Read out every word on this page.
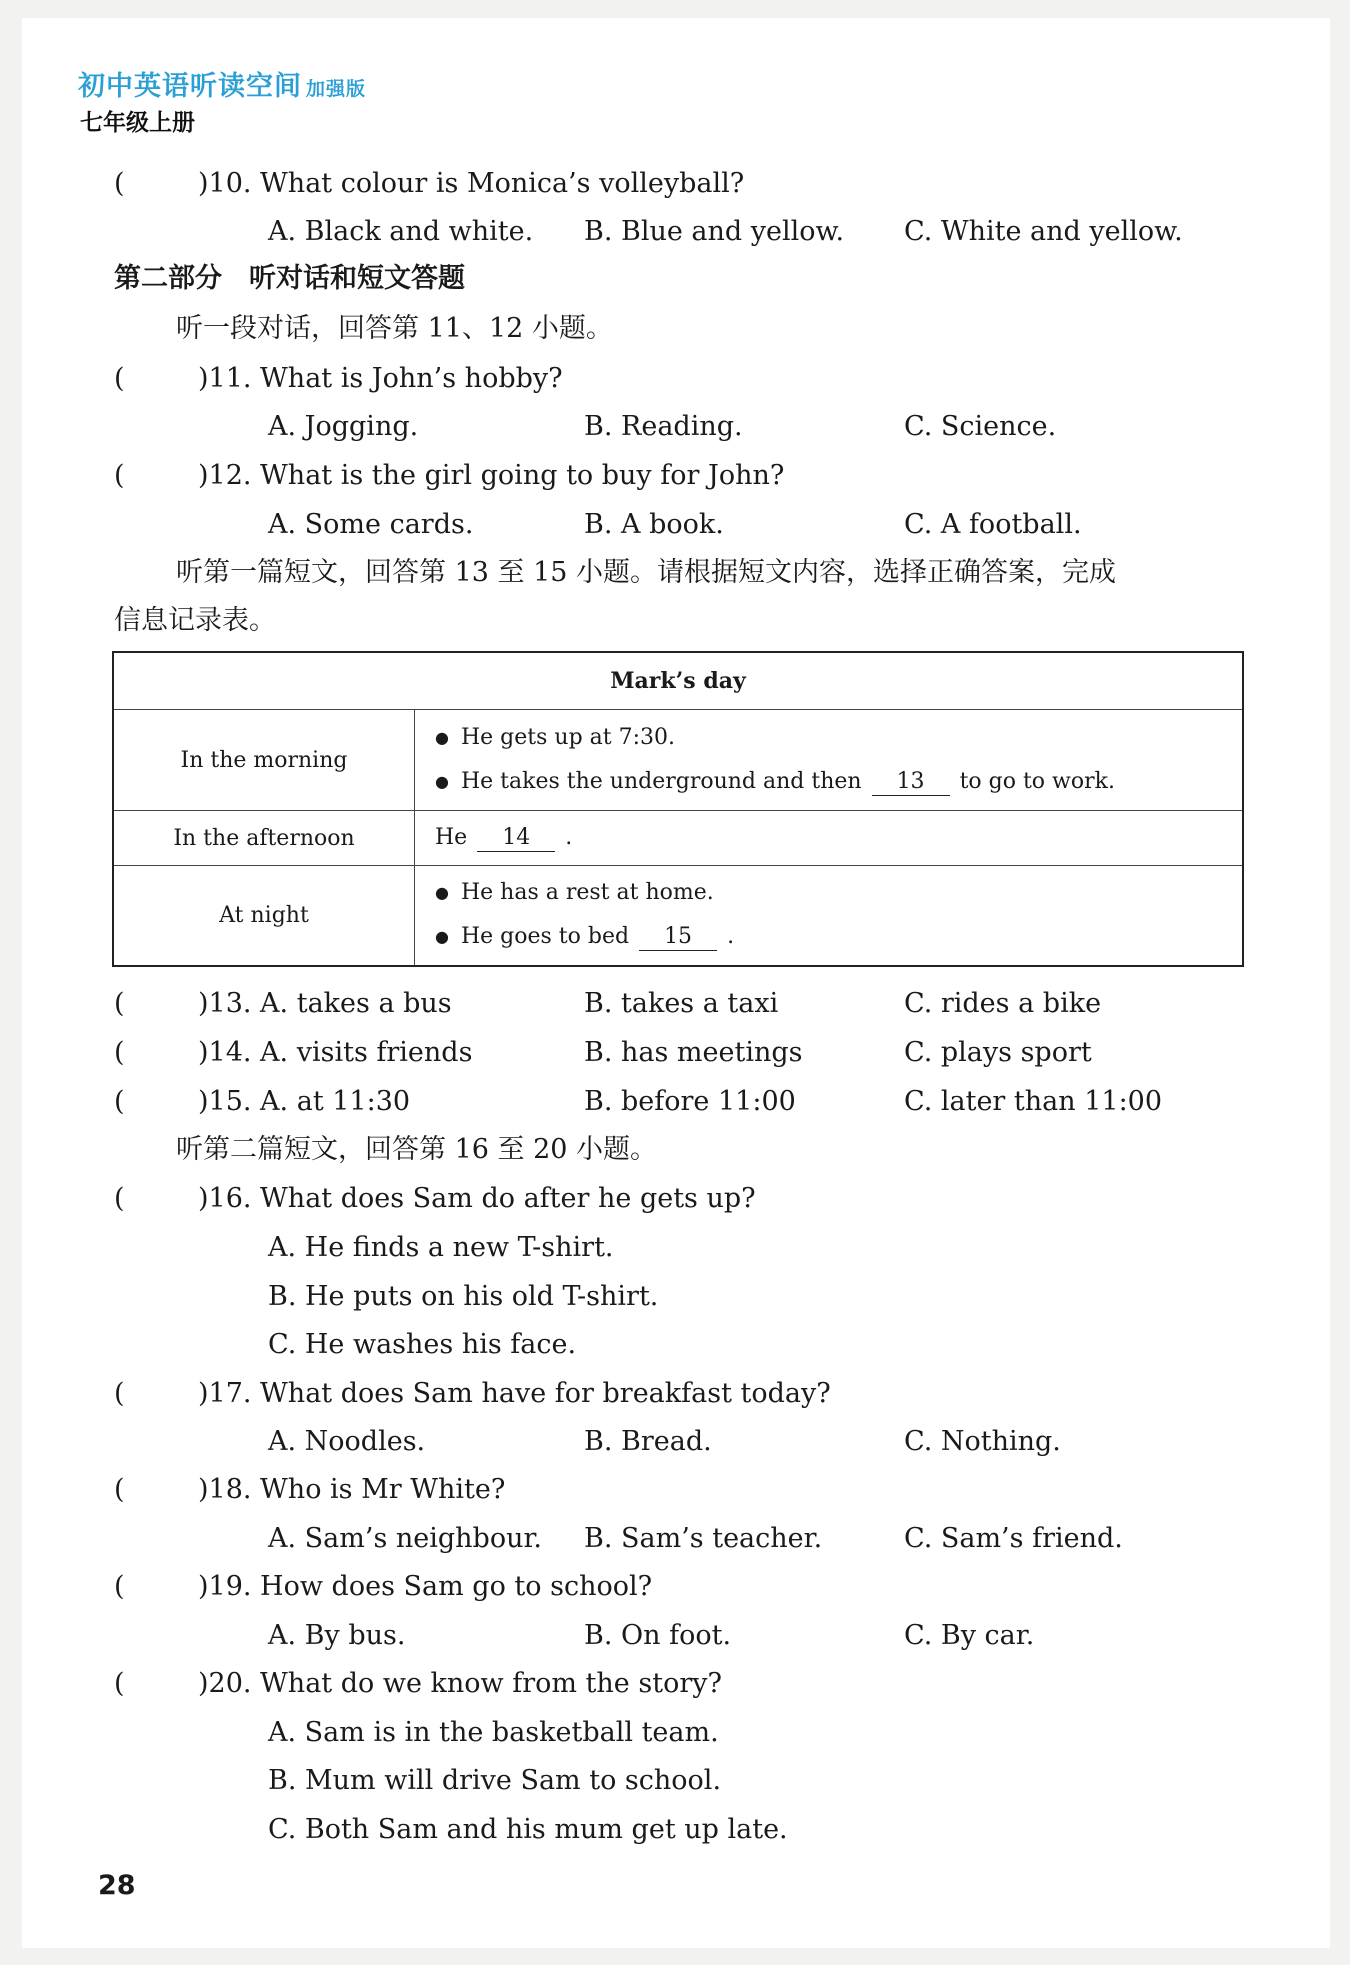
初中英语听读空间 加强版
七年级上册
(	)10. What colour is Monica’s volleyball?
A. Black and white. B. Blue and yellow. C. White and yellow.
第二部分　听对话和短文答题
听一段对话，回答第 11、12 小题。
(	)11. What is John’s hobby?
A. Jogging.	B. Reading.	C. Science.
(	)12. What is the girl going to buy for John?
A. Some cards.	B. A book.	C. A football.
听第一篇短文，回答第 13 至 15 小题。请根据短文内容，选择正确答案，完成
信息记录表。
Mark’s day	
In the morning	● He gets up at 7:30.
● He takes the underground and then 13 to go to work.

In the afternoon	He 14 .
At night	● He has a rest at home.
● He goes to bed 15 .
(	)13. A. takes a bus	B. takes a taxi	C. rides a bike
(	)14. A. visits friends	B. has meetings	C. plays sport
(	)15. A. at 11:30	B. before 11:00	C. later than 11:00
听第二篇短文，回答第 16 至 20 小题。
(	)16. What does Sam do after he gets up?
A. He finds a new T-shirt.
B. He puts on his old T-shirt.
C. He washes his face.
(	)17. What does Sam have for breakfast today?
A. Noodles.	B. Bread.	C. Nothing.
(	)18. Who is Mr White?
A. Sam’s neighbour. B. Sam’s teacher.	C. Sam’s friend.
(	)19. How does Sam go to school?
A. By bus.	B. On foot.	C. By car.
(	)20. What do we know from the story?
A. Sam is in the basketball team.
B. Mum will drive Sam to school.
C. Both Sam and his mum get up late.
28
